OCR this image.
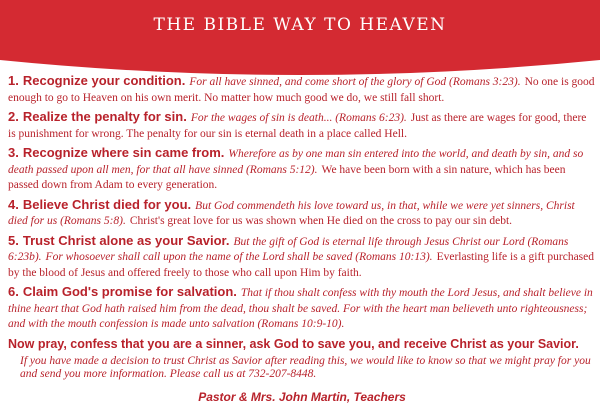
THE BIBLE WAY TO HEAVEN

1. Recognize your condition. For all have sinned, and come short of the glory of God (Romans 3:23). No one is good enough to go to Heaven on his own merit. No matter how much good we do, we still fall short.

2. Realize the penalty for sin. For the wages of sin is death... (Romans 6:23). Just as there are wages for good, there is punishment for wrong. The penalty for our sin is eternal death in a place called Hell.

3. Recognize where sin came from. Wherefore as by one man sin entered into the world, and death by sin, and so death passed upon all men, for that all have sinned (Romans 5:12). We have been born with a sin nature, which has been passed down from Adam to every generation.

4. Believe Christ died for you. But God commendeth his love toward us, in that, while we were yet sinners, Christ died for us (Romans 5:8). Christ's great love for us was shown when He died on the cross to pay our sin debt.

5. Trust Christ alone as your Savior. But the gift of God is eternal life through Jesus Christ our Lord (Romans 6:23b). For whosoever shall call upon the name of the Lord shall be saved (Romans 10:13). Everlasting life is a gift purchased by the blood of Jesus and offered freely to those who call upon Him by faith.

6. Claim God's promise for salvation. That if thou shalt confess with thy mouth the Lord Jesus, and shalt believe in thine heart that God hath raised him from the dead, thou shalt be saved. For with the heart man believeth unto righteousness; and with the mouth confession is made unto salvation (Romans 10:9-10).

Now pray, confess that you are a sinner, ask God to save you, and receive Christ as your Savior.

If you have made a decision to trust Christ as Savior after reading this, we would like to know so that we might pray for you and send you more information. Please call us at 732-207-8448.

Pastor & Mrs. John Martin, Teachers
